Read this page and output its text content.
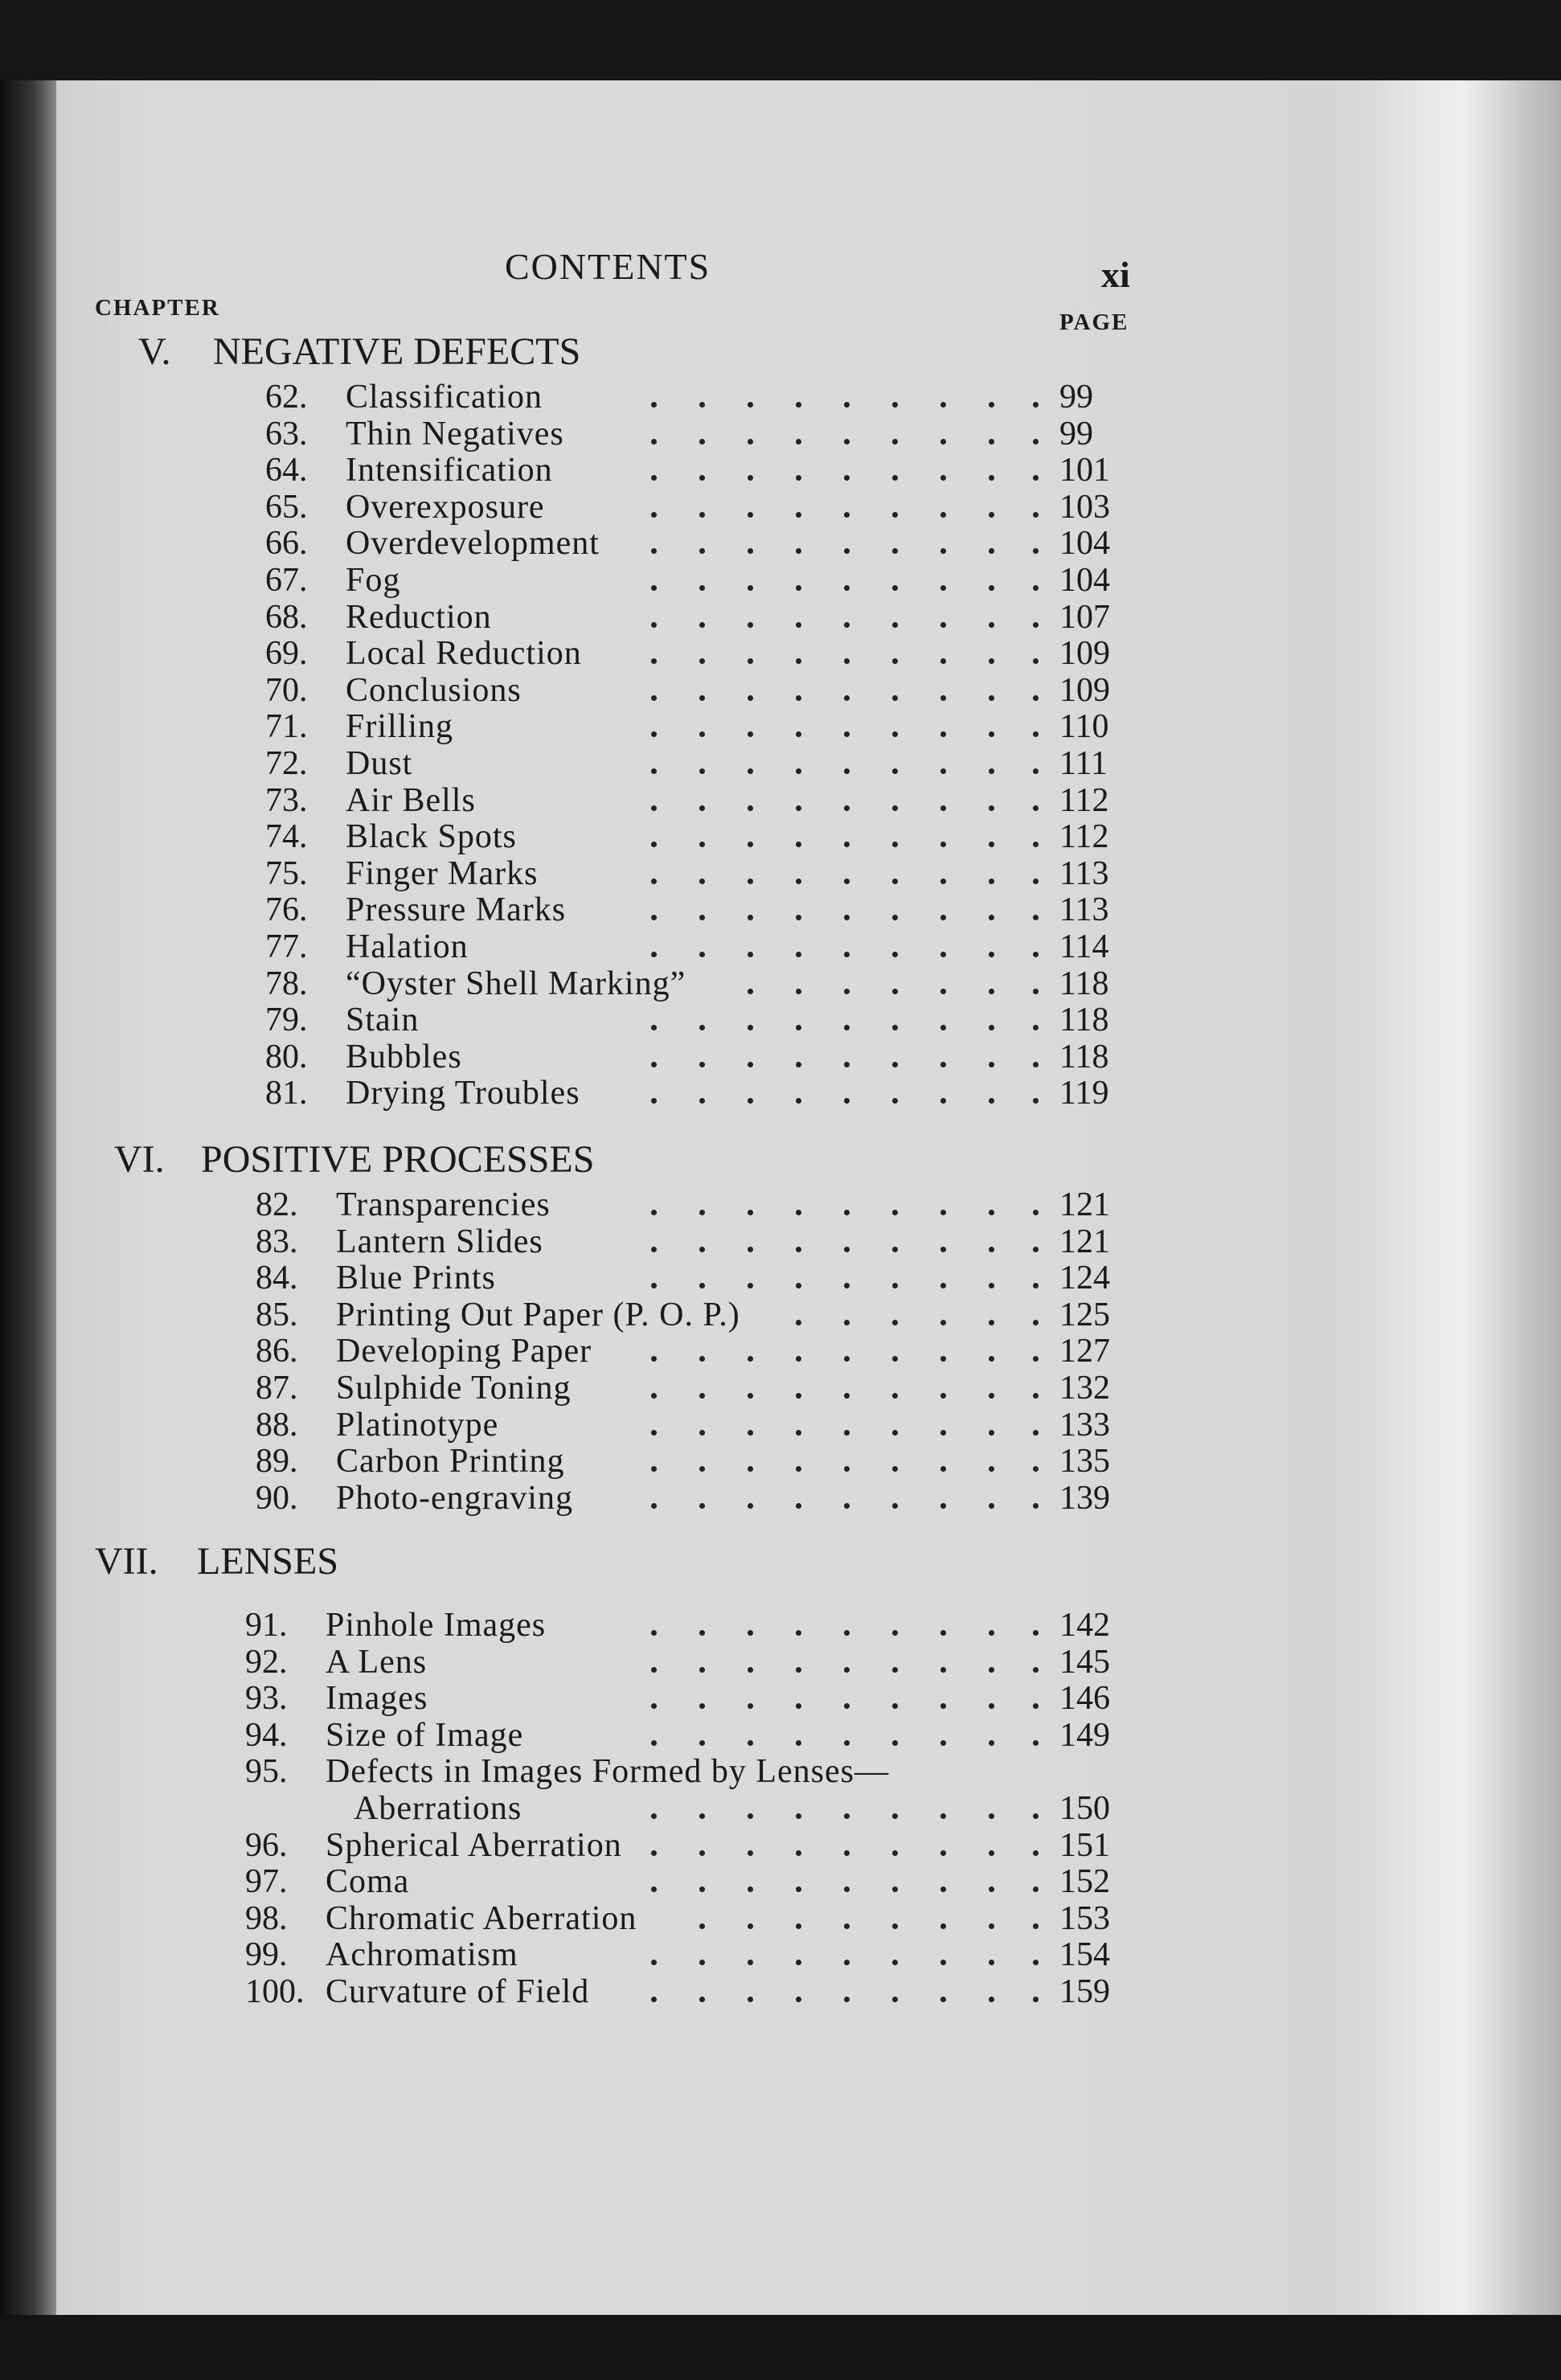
CONTENTS	xi
CHAPTER
PAGE
V. NEGATIVE DEFECTS
62. Classification	99
63. Thin Negatives	99
64. Intensification	101
65. Overexposure	103
66. Overdevelopment	104
67. Fog	104
68. Reduction	107
69. Local Reduction	109
70. Conclusions	109
71. Frilling	110
72. Dust	111
73. Air Bells	112
74. Black Spots	112
75. Finger Marks	113
76. Pressure Marks	113
77. Halation	114
78. “Oyster Shell Marking”	118
79. Stain	118
80. Bubbles	118
81. Drying Troubles	119
VI. POSITIVE PROCESSES
82. Transparencies	121
83. Lantern Slides	121
84. Blue Prints	124
85. Printing Out Paper (P. O. P.)	125
86. Developing Paper	127
87. Sulphide Toning	132
88. Platinotype	133
89. Carbon Printing	135
90. Photo-engraving	139
VII. LENSES
91. Pinhole Images	142
92. A Lens	145
93. Images	146
94. Size of Image	149
95. Defects in Images Formed by Lenses—
Aberrations	150
96. Spherical Aberration	151
97. Coma	152
98. Chromatic Aberration	153
99. Achromatism	154
100. Curvature of Field	159
